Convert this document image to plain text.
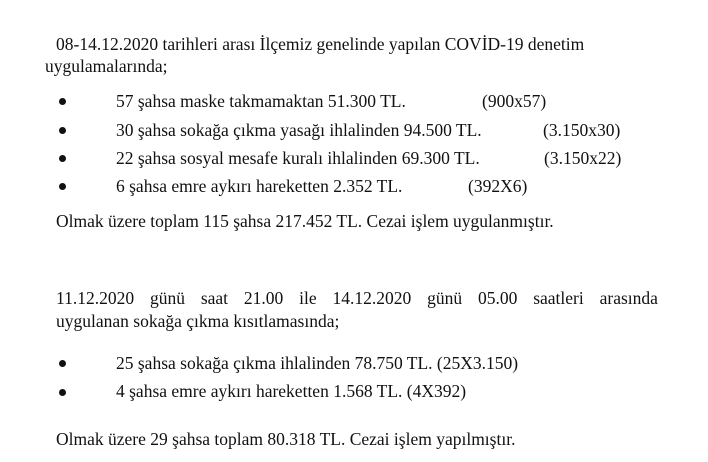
08-14.12.2020 tarihleri arası İlçemiz genelinde yapılan COVİD-19 denetim
uygulamalarında;
57 şahsa maske takmamaktan 51.300 TL.	(900x57)
30 şahsa sokağa çıkma yasağı ihlalinden 94.500 TL.	(3.150x30)
22 şahsa sosyal mesafe kuralı ihlalinden 69.300 TL.	(3.150x22)
6 şahsa emre aykırı hareketten 2.352 TL.	(392X6)
Olmak üzere toplam 115 şahsa 217.452 TL. Cezai işlem uygulanmıştır.
11.12.2020 günü saat 21.00 ile 14.12.2020 günü 05.00 saatleri arasında
uygulanan sokağa çıkma kısıtlamasında;
25 şahsa sokağa çıkma ihlalinden 78.750 TL. (25X3.150)
4 şahsa emre aykırı hareketten 1.568 TL. (4X392)
Olmak üzere 29 şahsa toplam 80.318 TL. Cezai işlem yapılmıştır.
